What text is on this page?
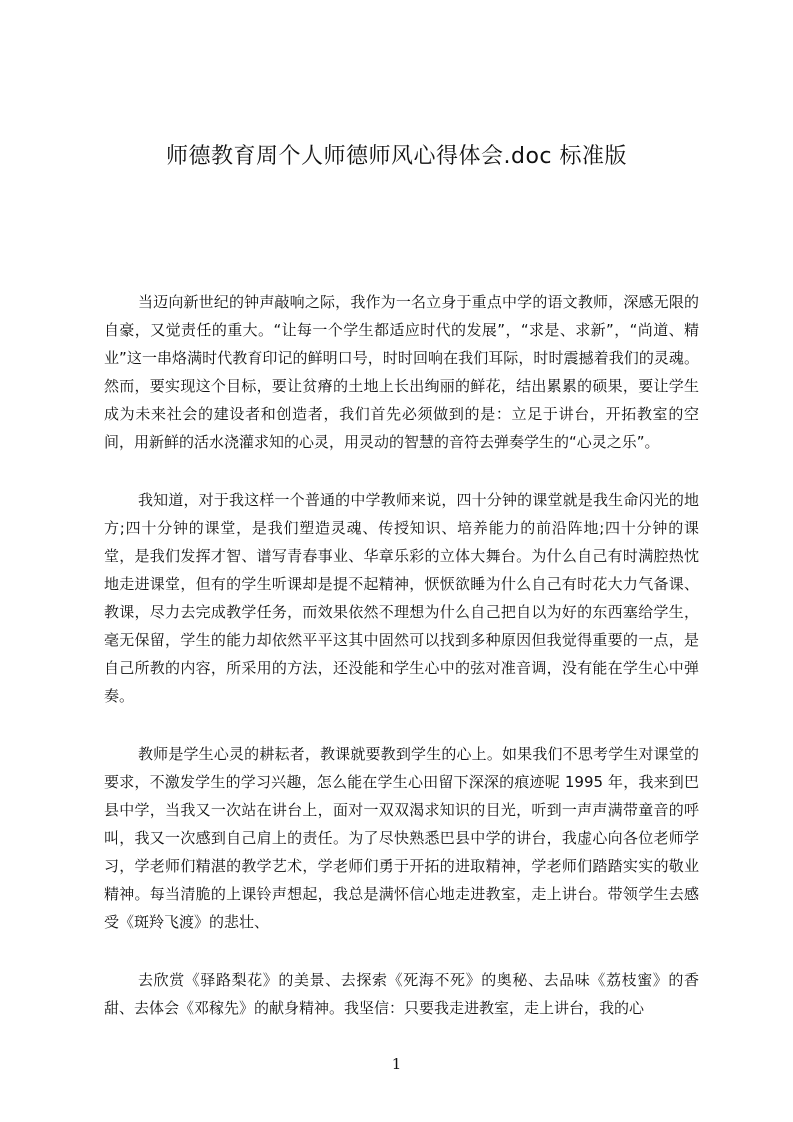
师德教育周个人师德师风心得体会.doc 标准版

当迈向新世纪的钟声敲响之际，我作为一名立身于重点中学的语文教师，深感无限的自豪，又觉责任的重大。“让每一个学生都适应时代的发展”，“求是、求新”，“尚道、精业”这一串烙满时代教育印记的鲜明口号，时时回响在我们耳际，时时震撼着我们的灵魂。然而，要实现这个目标，要让贫瘠的土地上长出绚丽的鲜花，结出累累的硕果，要让学生成为未来社会的建设者和创造者，我们首先必须做到的是：立足于讲台，开拓教室的空间，用新鲜的活水浇灌求知的心灵，用灵动的智慧的音符去弹奏学生的“心灵之乐”。

我知道，对于我这样一个普通的中学教师来说，四十分钟的课堂就是我生命闪光的地方;四十分钟的课堂，是我们塑造灵魂、传授知识、培养能力的前沿阵地;四十分钟的课堂，是我们发挥才智、谱写青春事业、华章乐彩的立体大舞台。为什么自己有时满腔热忱地走进课堂，但有的学生听课却是提不起精神，恹恹欲睡为什么自己有时花大力气备课、教课，尽力去完成教学任务，而效果依然不理想为什么自己把自以为好的东西塞给学生，毫无保留，学生的能力却依然平平这其中固然可以找到多种原因但我觉得重要的一点，是自己所教的内容，所采用的方法，还没能和学生心中的弦对准音调，没有能在学生心中弹奏。

教师是学生心灵的耕耘者，教课就要教到学生的心上。如果我们不思考学生对课堂的要求，不激发学生的学习兴趣，怎么能在学生心田留下深深的痕迹呢 1995 年，我来到巴县中学，当我又一次站在讲台上，面对一双双渴求知识的目光，听到一声声满带童音的呼叫，我又一次感到自己肩上的责任。为了尽快熟悉巴县中学的讲台，我虚心向各位老师学习，学老师们精湛的教学艺术，学老师们勇于开拓的进取精神，学老师们踏踏实实的敬业精神。每当清脆的上课铃声想起，我总是满怀信心地走进教室，走上讲台。带领学生去感受《斑羚飞渡》的悲壮、

去欣赏《驿路梨花》的美景、去探索《死海不死》的奥秘、去品味《荔枝蜜》的香甜、去体会《邓稼先》的献身精神。我坚信：只要我走进教室，走上讲台，我的心

1
